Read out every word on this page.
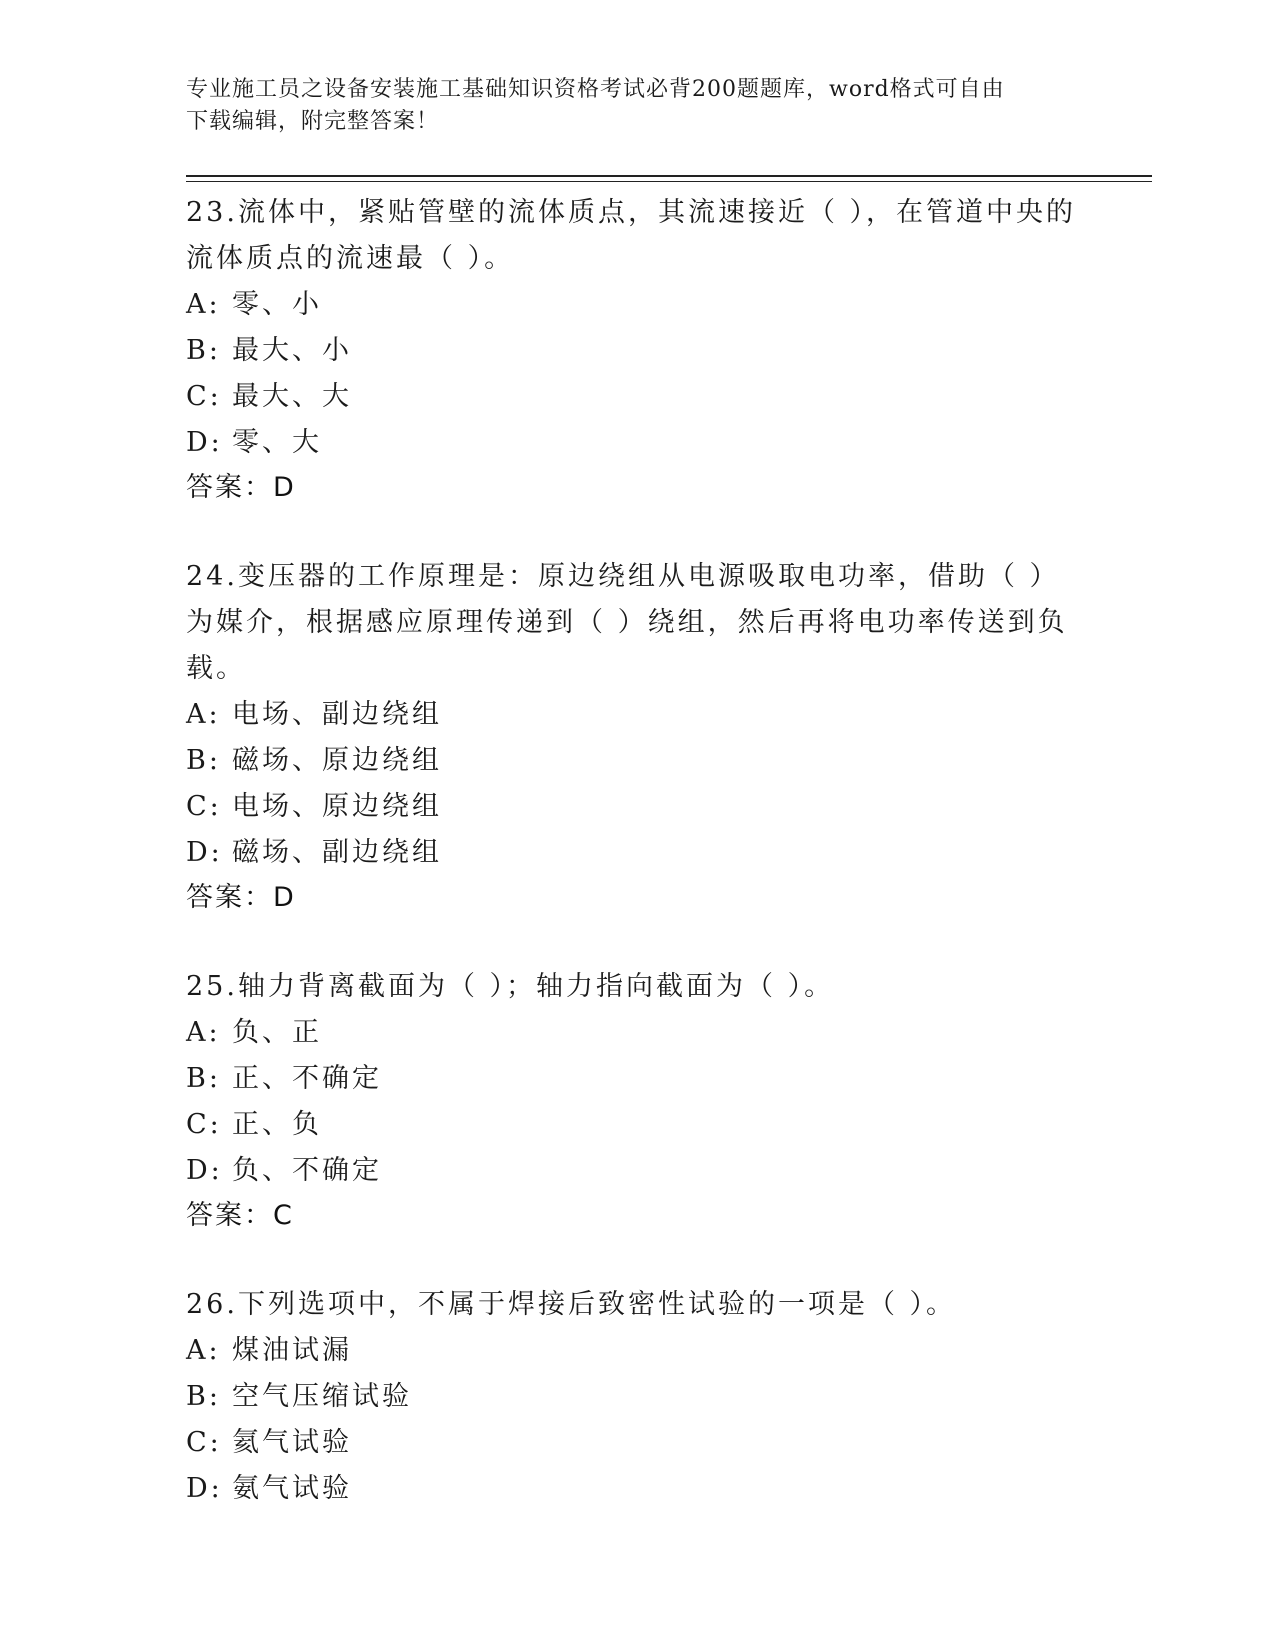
专业施工员之设备安装施工基础知识资格考试必背200题题库，word格式可自由
下载编辑，附完整答案！
23.流体中，紧贴管壁的流体质点，其流速接近（ ），在管道中央的流体质点的流速最（ ）。
A: 零、小
B: 最大、小
C: 最大、大
D: 零、大
答案：D
24.变压器的工作原理是：原边绕组从电源吸取电功率，借助（ ）为媒介，根据感应原理传递到（ ）绕组，然后再将电功率传送到负载。
A: 电场、副边绕组
B: 磁场、原边绕组
C: 电场、原边绕组
D: 磁场、副边绕组
答案：D
25.轴力背离截面为（ ）；轴力指向截面为（ ）。
A: 负、正
B: 正、不确定
C: 正、负
D: 负、不确定
答案：C
26.下列选项中，不属于焊接后致密性试验的一项是（ ）。
A: 煤油试漏
B: 空气压缩试验
C: 氦气试验
D: 氨气试验
